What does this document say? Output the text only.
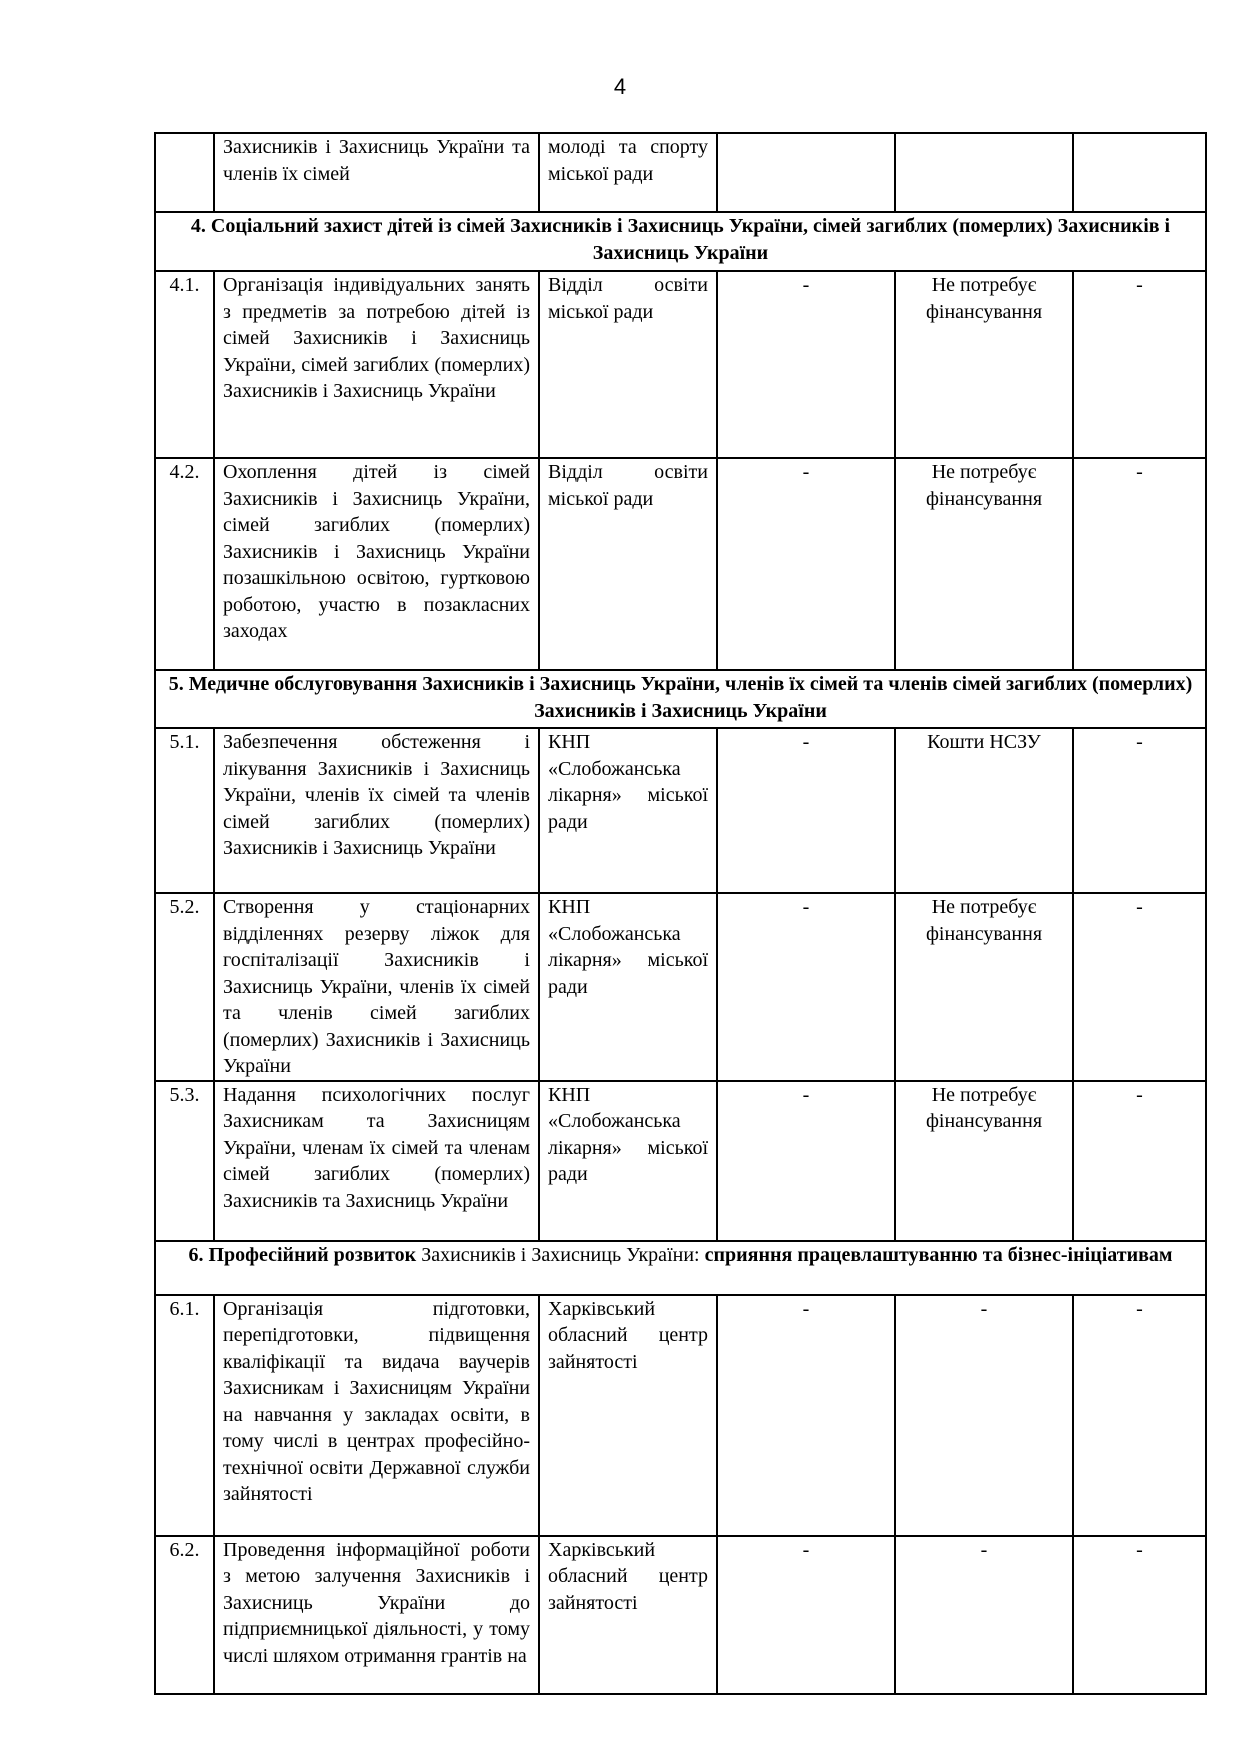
4
	Захисників і Захисниць України та членів їх сімей	молоді та спорту міської ради			
4. Соціальний захист дітей із сімей Захисників і Захисниць України, сімей загиблих (померлих) Захисників і Захисниць України					
4.1.	Організація індивідуальних занять з предметів за потребою дітей із сімей Захисників і Захисниць України, сімей загиблих (померлих) Захисників і Захисниць України	Відділ освіти міської ради	-	Не потребує фінансування	-
4.2.	Охоплення дітей із сімей Захисників і Захисниць України, сімей загиблих (померлих) Захисників і Захисниць України позашкільною освітою, гуртковою роботою, участю в позакласних заходах	Відділ освіти міської ради	-	Не потребує фінансування	-
5. Медичне обслуговування Захисників і Захисниць України, членів їх сімей та членів сімей загиблих (померлих) Захисників і Захисниць України					
5.1.	Забезпечення обстеження і лікування Захисників і Захисниць України, членів їх сімей та членів сімей загиблих (померлих) Захисників і Захисниць України	КНП «Слобожанська лікарня» міської ради	-	Кошти НСЗУ	-
5.2.	Створення у стаціонарних відділеннях резерву ліжок для госпіталізації Захисників і Захисниць України, членів їх сімей та членів сімей загиблих (померлих) Захисників і Захисниць України	КНП «Слобожанська лікарня» міської ради	-	Не потребує фінансування	-
5.3.	Надання психологічних послуг Захисникам та Захисницям України, членам їх сімей та членам сімей загиблих (померлих) Захисників та Захисниць України	КНП «Слобожанська лікарня» міської ради	-	Не потребує фінансування	-
6. Професійний розвиток Захисників і Захисниць України: сприяння працевлаштуванню та бізнес-ініціативам					
6.1.	Організація підготовки, перепідготовки, підвищення кваліфікації та видача ваучерів Захисникам і Захисницям України на навчання у закладах освіти, в тому числі в центрах професійно-технічної освіти Державної служби зайнятості	Харківський обласний центр зайнятості	-	-	-
6.2.	Проведення інформаційної роботи з метою залучення Захисників і Захисниць України до підприємницької діяльності, у тому числі шляхом отримання грантів на	Харківський обласний центр зайнятості	-	-	-
